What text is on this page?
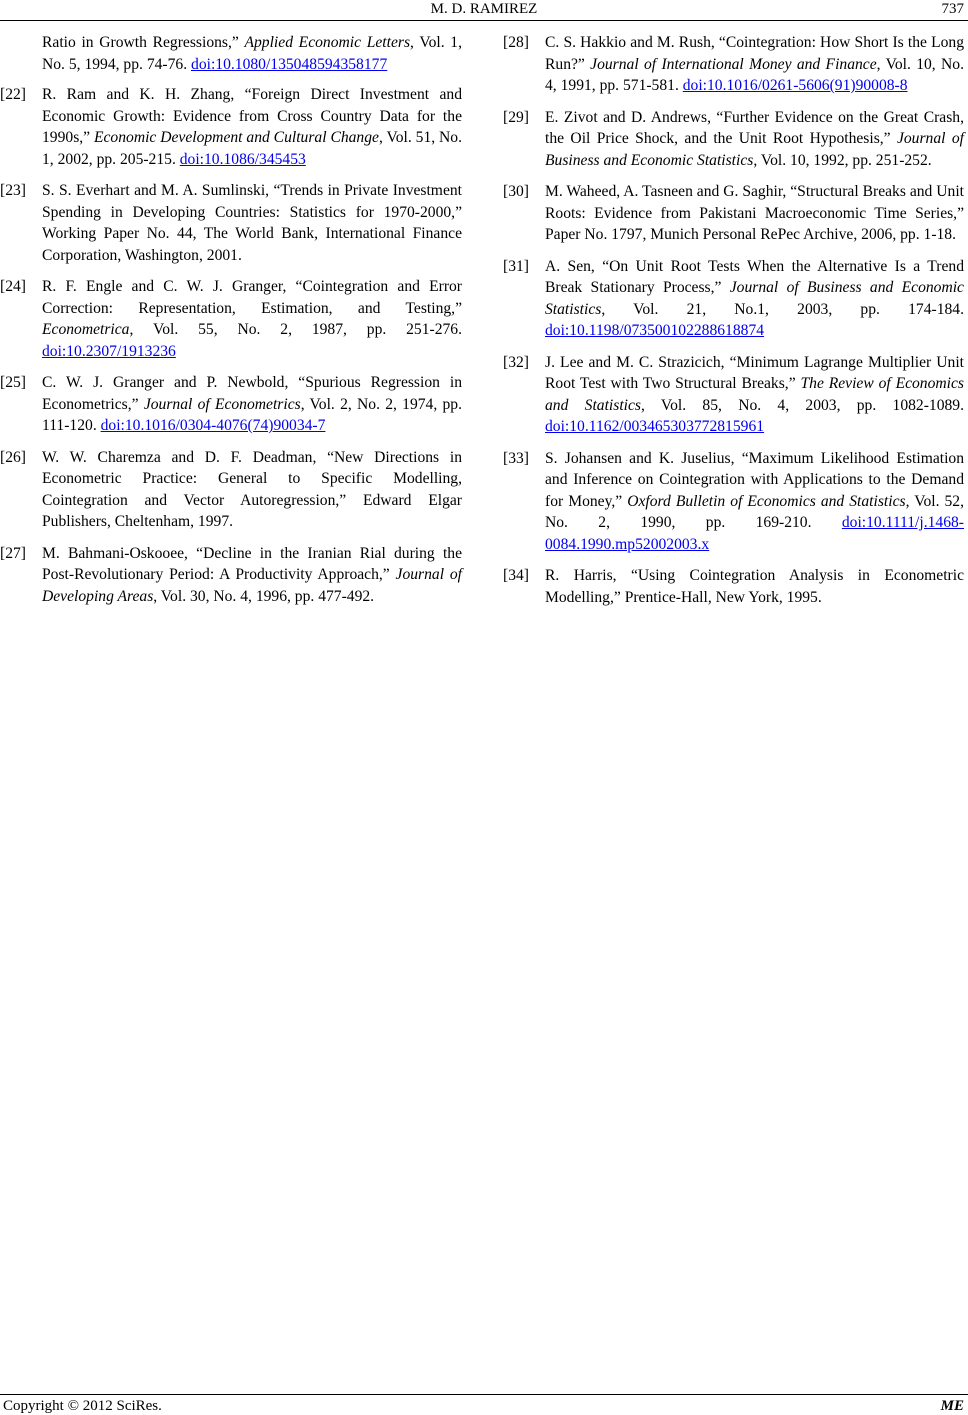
M. D. RAMIREZ	737
Ratio in Growth Regressions,” Applied Economic Letters, Vol. 1, No. 5, 1994, pp. 74-76. doi:10.1080/135048594358177
[22] R. Ram and K. H. Zhang, “Foreign Direct Investment and Economic Growth: Evidence from Cross Country Data for the 1990s,” Economic Development and Cultural Change, Vol. 51, No. 1, 2002, pp. 205-215. doi:10.1086/345453
[23] S. S. Everhart and M. A. Sumlinski, “Trends in Private Investment Spending in Developing Countries: Statistics for 1970-2000,” Working Paper No. 44, The World Bank, International Finance Corporation, Washington, 2001.
[24] R. F. Engle and C. W. J. Granger, “Cointegration and Error Correction: Representation, Estimation, and Testing,” Econometrica, Vol. 55, No. 2, 1987, pp. 251-276. doi:10.2307/1913236
[25] C. W. J. Granger and P. Newbold, “Spurious Regression in Econometrics,” Journal of Econometrics, Vol. 2, No. 2, 1974, pp. 111-120. doi:10.1016/0304-4076(74)90034-7
[26] W. W. Charemza and D. F. Deadman, “New Directions in Econometric Practice: General to Specific Modelling, Cointegration and Vector Autoregression,” Edward Elgar Publishers, Cheltenham, 1997.
[27] M. Bahmani-Oskooee, “Decline in the Iranian Rial during the Post-Revolutionary Period: A Productivity Approach,” Journal of Developing Areas, Vol. 30, No. 4, 1996, pp. 477-492.
[28] C. S. Hakkio and M. Rush, “Cointegration: How Short Is the Long Run?” Journal of International Money and Finance, Vol. 10, No. 4, 1991, pp. 571-581. doi:10.1016/0261-5606(91)90008-8
[29] E. Zivot and D. Andrews, “Further Evidence on the Great Crash, the Oil Price Shock, and the Unit Root Hypothesis,” Journal of Business and Economic Statistics, Vol. 10, 1992, pp. 251-252.
[30] M. Waheed, A. Tasneen and G. Saghir, “Structural Breaks and Unit Roots: Evidence from Pakistani Macroeconomic Time Series,” Paper No. 1797, Munich Personal RePec Archive, 2006, pp. 1-18.
[31] A. Sen, “On Unit Root Tests When the Alternative Is a Trend Break Stationary Process,” Journal of Business and Economic Statistics, Vol. 21, No.1, 2003, pp. 174-184. doi:10.1198/073500102288618874
[32] J. Lee and M. C. Strazicich, “Minimum Lagrange Multiplier Unit Root Test with Two Structural Breaks,” The Review of Economics and Statistics, Vol. 85, No. 4, 2003, pp. 1082-1089. doi:10.1162/003465303772815961
[33] S. Johansen and K. Juselius, “Maximum Likelihood Estimation and Inference on Cointegration with Applications to the Demand for Money,” Oxford Bulletin of Economics and Statistics, Vol. 52, No. 2, 1990, pp. 169-210. doi:10.1111/j.1468-0084.1990.mp52002003.x
[34] R. Harris, “Using Cointegration Analysis in Econometric Modelling,” Prentice-Hall, New York, 1995.
Copyright © 2012 SciRes.	ME
